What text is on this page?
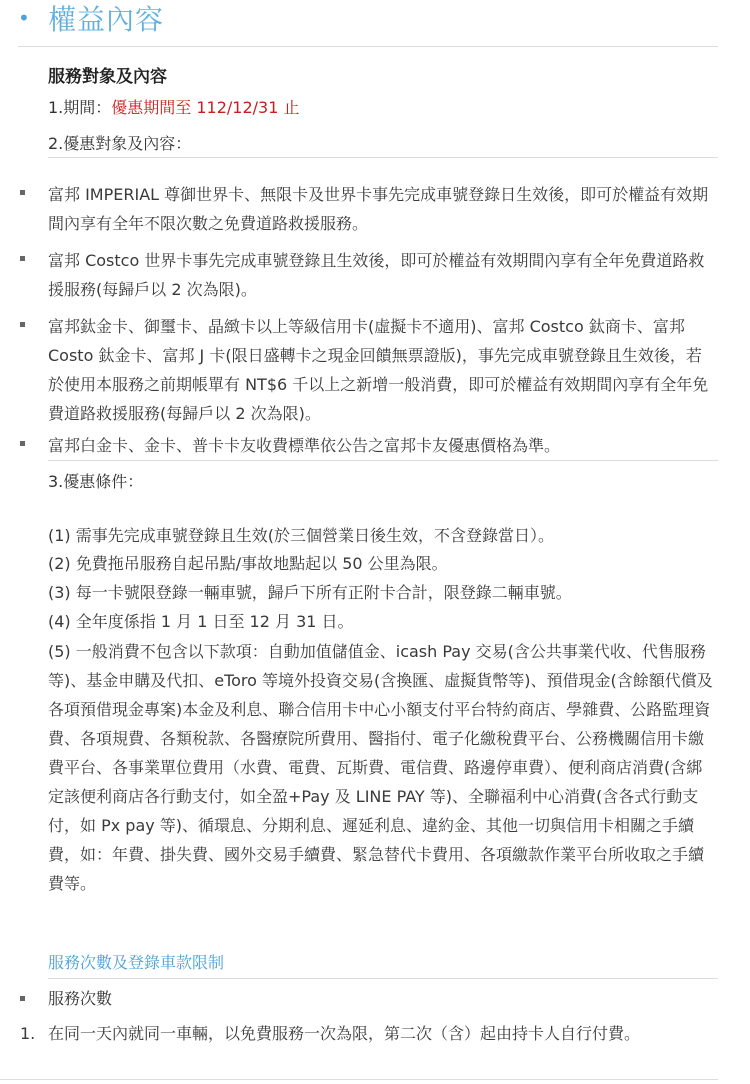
• 權益內容
服務對象及內容
1.期間：優惠期間至 112/12/31 止
2.優惠對象及內容：
富邦 IMPERIAL 尊御世界卡、無限卡及世界卡事先完成車號登錄日生效後，即可於權益有效期間內享有全年不限次數之免費道路救援服務。
富邦 Costco 世界卡事先完成車號登錄且生效後，即可於權益有效期間內享有全年免費道路救援服務(每歸戶以 2 次為限)。
富邦鈦金卡、御璽卡、晶緻卡以上等級信用卡(虛擬卡不適用)、富邦 Costco 鈦商卡、富邦 Costo 鈦金卡、富邦 J 卡(限日盛轉卡之現金回饋無票證版)，事先完成車號登錄且生效後，若於使用本服務之前期帳單有 NT$6 千以上之新增一般消費，即可於權益有效期間內享有全年免費道路救援服務(每歸戶以 2 次為限)。
富邦白金卡、金卡、普卡卡友收費標準依公告之富邦卡友優惠價格為準。
3.優惠條件：
(1) 需事先完成車號登錄且生效(於三個營業日後生效，不含登錄當日）。
(2) 免費拖吊服務自起吊點/事故地點起以 50 公里為限。
(3) 每一卡號限登錄一輛車號，歸戶下所有正附卡合計，限登錄二輛車號。
(4) 全年度係指 1 月 1 日至 12 月 31 日。
(5) 一般消費不包含以下款項：自動加值儲值金、icash Pay 交易(含公共事業代收、代售服務等)、基金申購及代扣、eToro 等境外投資交易(含換匯、虛擬貨幣等)、預借現金(含餘額代償及各項預借現金專案)本金及利息、聯合信用卡中心小額支付平台特約商店、學雜費、公路監理資費、各項規費、各類稅款、各醫療院所費用、醫指付、電子化繳稅費平台、公務機關信用卡繳費平台、各事業單位費用（水費、電費、瓦斯費、電信費、路邊停車費）、便利商店消費(含綁定該便利商店各行動支付，如全盈+Pay 及 LINE PAY 等)、全聯福利中心消費(含各式行動支付，如 Px pay 等)、循環息、分期利息、遲延利息、違約金、其他一切與信用卡相關之手續費，如：年費、掛失費、國外交易手續費、緊急替代卡費用、各項繳款作業平台所收取之手續費等。
服務次數及登錄車款限制
服務次數
1. 在同一天內就同一車輛，以免費服務一次為限，第二次（含）起由持卡人自行付費。
